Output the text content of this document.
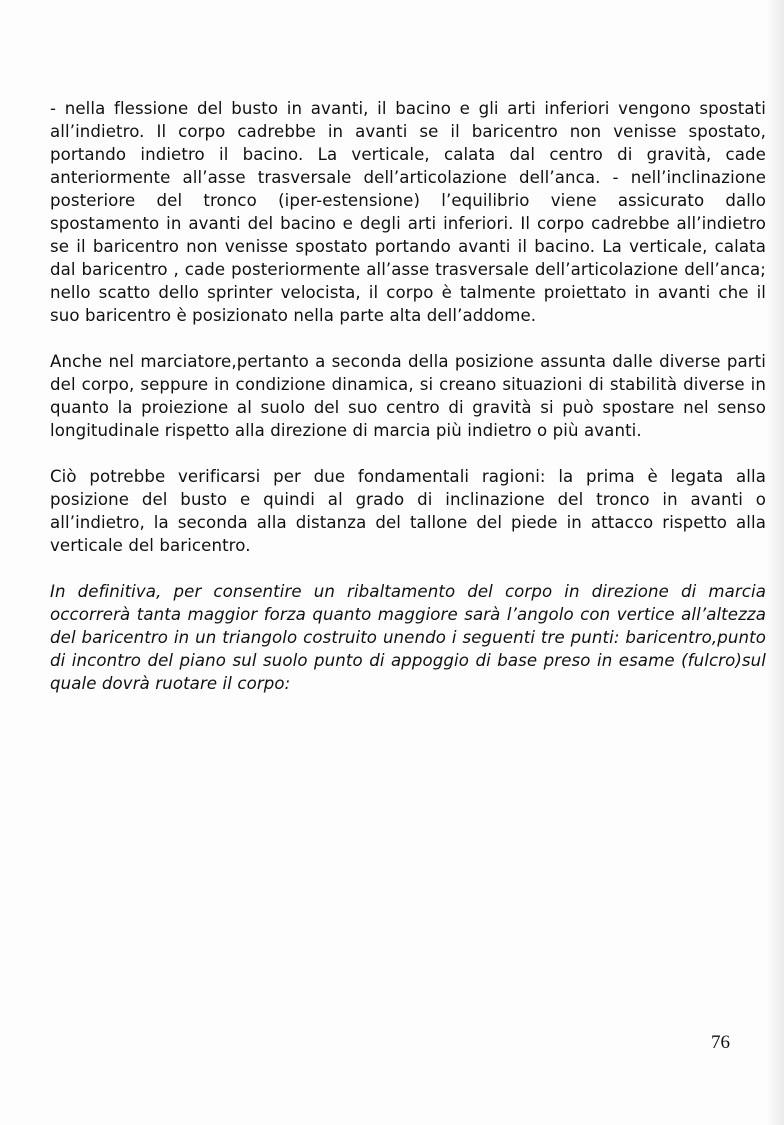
- nella flessione del busto in avanti, il bacino e gli arti inferiori vengono spostati all’indietro. Il corpo cadrebbe in avanti se il baricentro non venisse spostato, portando indietro il bacino. La verticale, calata dal centro di gravità, cade anteriormente all’asse trasversale dell’articolazione dell’anca. - nell’inclinazione posteriore del tronco (iper-estensione) l’equilibrio viene assicurato dallo spostamento in avanti del bacino e degli arti inferiori. Il corpo cadrebbe all’indietro se il baricentro non venisse spostato portando avanti il bacino. La verticale, calata dal baricentro , cade posteriormente all’asse trasversale dell’articolazione dell’anca; nello scatto dello sprinter velocista, il corpo è talmente proiettato in avanti che il suo baricentro è posizionato nella parte alta dell’addome.

Anche nel marciatore,pertanto a seconda della posizione assunta dalle diverse parti del corpo, seppure in condizione dinamica, si creano situazioni di stabilità diverse in quanto la proiezione al suolo del suo centro di gravità si può spostare nel senso longitudinale rispetto alla direzione di marcia più indietro o più avanti.

Ciò potrebbe verificarsi per due fondamentali ragioni: la prima è legata alla posizione del busto e quindi al grado di inclinazione del tronco in avanti o all’indietro, la seconda alla distanza del tallone del piede in attacco rispetto alla verticale del baricentro.

In definitiva, per consentire un ribaltamento del corpo in direzione di marcia occorrerà tanta maggior forza quanto maggiore sarà l’angolo con vertice all’altezza del baricentro in un triangolo costruito unendo i seguenti tre punti: baricentro,punto di incontro del piano sul suolo punto di appoggio di base preso in esame (fulcro)sul quale dovrà ruotare il corpo:

76
